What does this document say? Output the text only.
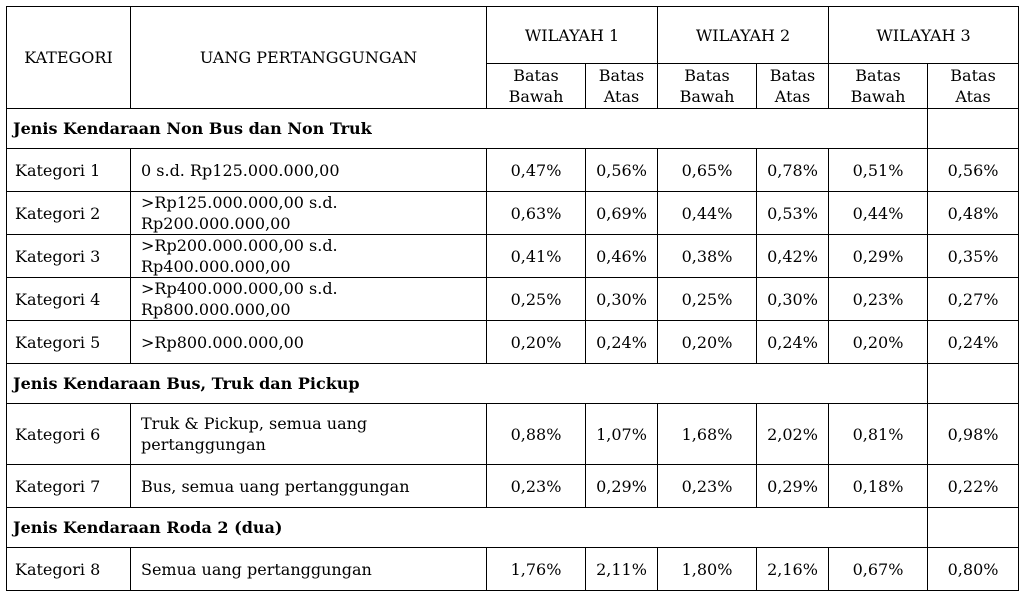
KATEGORI	UANG PERTANGGUNGAN	WILAYAH 1		WILAYAH 2		WILAYAH 3	
		Batas Bawah	Batas Atas	Batas Bawah	Batas Atas	Batas Bawah	Batas Atas
Jenis Kendaraan Non Bus dan Non Truk							
Kategori 1	0 s.d. Rp125.000.000,00	0,47%	0,56%	0,65%	0,78%	0,51%	0,56%
Kategori 2	>Rp125.000.000,00 s.d. Rp200.000.000,00	0,63%	0,69%	0,44%	0,53%	0,44%	0,48%
Kategori 3	>Rp200.000.000,00 s.d. Rp400.000.000,00	0,41%	0,46%	0,38%	0,42%	0,29%	0,35%
Kategori 4	>Rp400.000.000,00 s.d. Rp800.000.000,00	0,25%	0,30%	0,25%	0,30%	0,23%	0,27%
Kategori 5	>Rp800.000.000,00	0,20%	0,24%	0,20%	0,24%	0,20%	0,24%
Jenis Kendaraan Bus, Truk dan Pickup							
Kategori 6	Truk & Pickup, semua uang pertanggungan	0,88%	1,07%	1,68%	2,02%	0,81%	0,98%
Kategori 7	Bus, semua uang pertanggungan	0,23%	0,29%	0,23%	0,29%	0,18%	0,22%
Jenis Kendaraan Roda 2 (dua)							
Kategori 8	Semua uang pertanggungan	1,76%	2,11%	1,80%	2,16%	0,67%	0,80%
